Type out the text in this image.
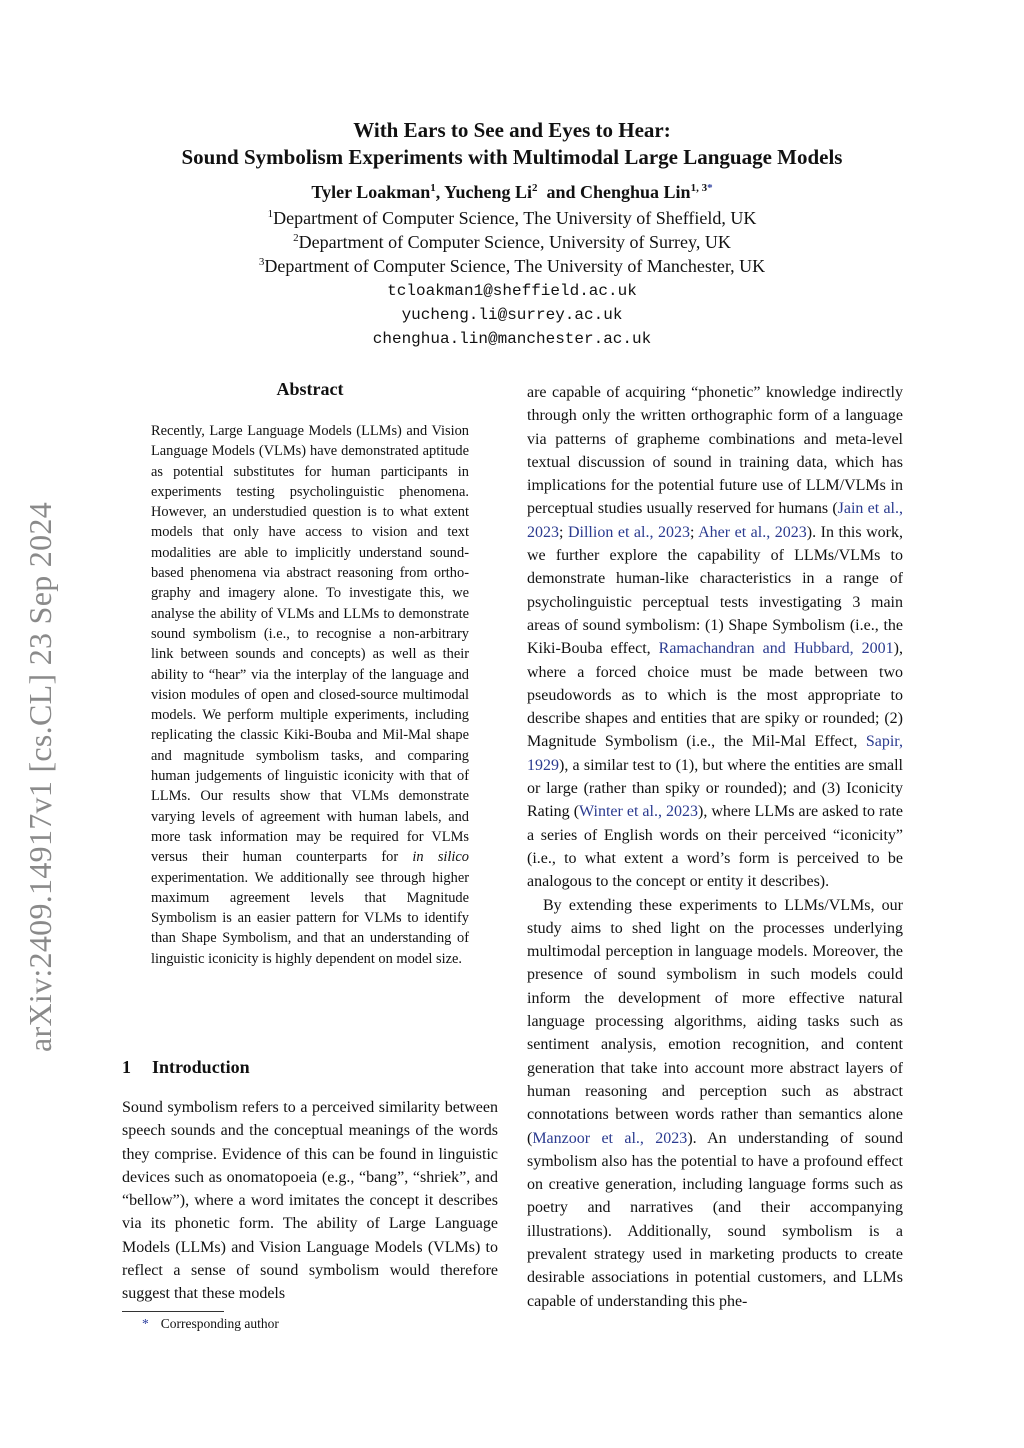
arXiv:2409.14917v1 [cs.CL] 23 Sep 2024
With Ears to See and Eyes to Hear:
Sound Symbolism Experiments with Multimodal Large Language Models
Tyler Loakman$^1$, Yucheng Li$^2$ and Chenghua Lin$^{1, 3*}$
$^1$Department of Computer Science, The University of Sheffield, UK
$^2$Department of Computer Science, University of Surrey, UK
$^3$Department of Computer Science, The University of Manchester, UK
tcloakman1@sheffield.ac.uk
yucheng.li@surrey.ac.uk
chenghua.lin@manchester.ac.uk
Abstract
Recently, Large Language Models (LLMs) and Vision Language Models (VLMs) have demonstrated aptitude as potential substitutes for human participants in experiments testing psycholinguistic phenomena. However, an understudied question is to what extent models that only have access to vision and text modalities are able to implicitly understand sound-based phenomena via abstract reasoning from orthography and imagery alone. To investigate this, we analyse the ability of VLMs and LLMs to demonstrate sound symbolism (i.e., to recognise a non-arbitrary link between sounds and concepts) as well as their ability to “hear” via the interplay of the language and vision modules of open and closed-source multimodal models. We perform multiple experiments, including replicating the classic Kiki-Bouba and Mil-Mal shape and magnitude symbolism tasks, and comparing human judgements of linguistic iconicity with that of LLMs. Our results show that VLMs demonstrate varying levels of agreement with human labels, and more task information may be required for VLMs versus their human counterparts for in silico experimentation. We additionally see through higher maximum agreement levels that Magnitude Symbolism is an easier pattern for VLMs to identify than Shape Symbolism, and that an understanding of linguistic iconicity is highly dependent on model size.
1 Introduction
Sound symbolism refers to a perceived similarity between speech sounds and the conceptual meanings of the words they comprise. Evidence of this can be found in linguistic devices such as onomatopoeia (e.g., “bang”, “shriek”, and “bellow”), where a word imitates the concept it describes via its phonetic form. The ability of Large Language Models (LLMs) and Vision Language Models (VLMs) to reflect a sense of sound symbolism would therefore suggest that these models

are capable of acquiring “phonetic” knowledge indirectly through only the written orthographic form of a language via patterns of grapheme combinations and meta-level textual discussion of sound in training data, which has implications for the potential future use of LLM/VLMs in perceptual studies usually reserved for humans (Jain et al., 2023; Dillion et al., 2023; Aher et al., 2023). In this work, we further explore the capability of LLMs/VLMs to demonstrate human-like characteristics in a range of psycholinguistic perceptual tests investigating 3 main areas of sound symbolism: (1) Shape Symbolism (i.e., the Kiki-Bouba effect, Ramachandran and Hubbard, 2001), where a forced choice must be made between two pseudowords as to which is the most appropriate to describe shapes and entities that are spiky or rounded; (2) Magnitude Symbolism (i.e., the Mil-Mal Effect, Sapir, 1929), a similar test to (1), but where the entities are small or large (rather than spiky or rounded); and (3) Iconicity Rating (Winter et al., 2023), where LLMs are asked to rate a series of English words on their perceived “iconicity” (i.e., to what extent a word’s form is perceived to be analogous to the concept or entity it describes).

By extending these experiments to LLMs/VLMs, our study aims to shed light on the processes underlying multimodal perception in language models. Moreover, the presence of sound symbolism in such models could inform the development of more effective natural language processing algorithms, aiding tasks such as sentiment analysis, emotion recognition, and content generation that take into account more abstract layers of human reasoning and perception such as abstract connotations between words rather than semantics alone (Manzoor et al., 2023). An understanding of sound symbolism also has the potential to have a profound effect on creative generation, including language forms such as poetry and narratives (and their accompanying illustrations). Additionally, sound symbolism is a prevalent strategy used in marketing products to create desirable associations in potential customers, and LLMs capable of understanding this phe-

* Corresponding author
